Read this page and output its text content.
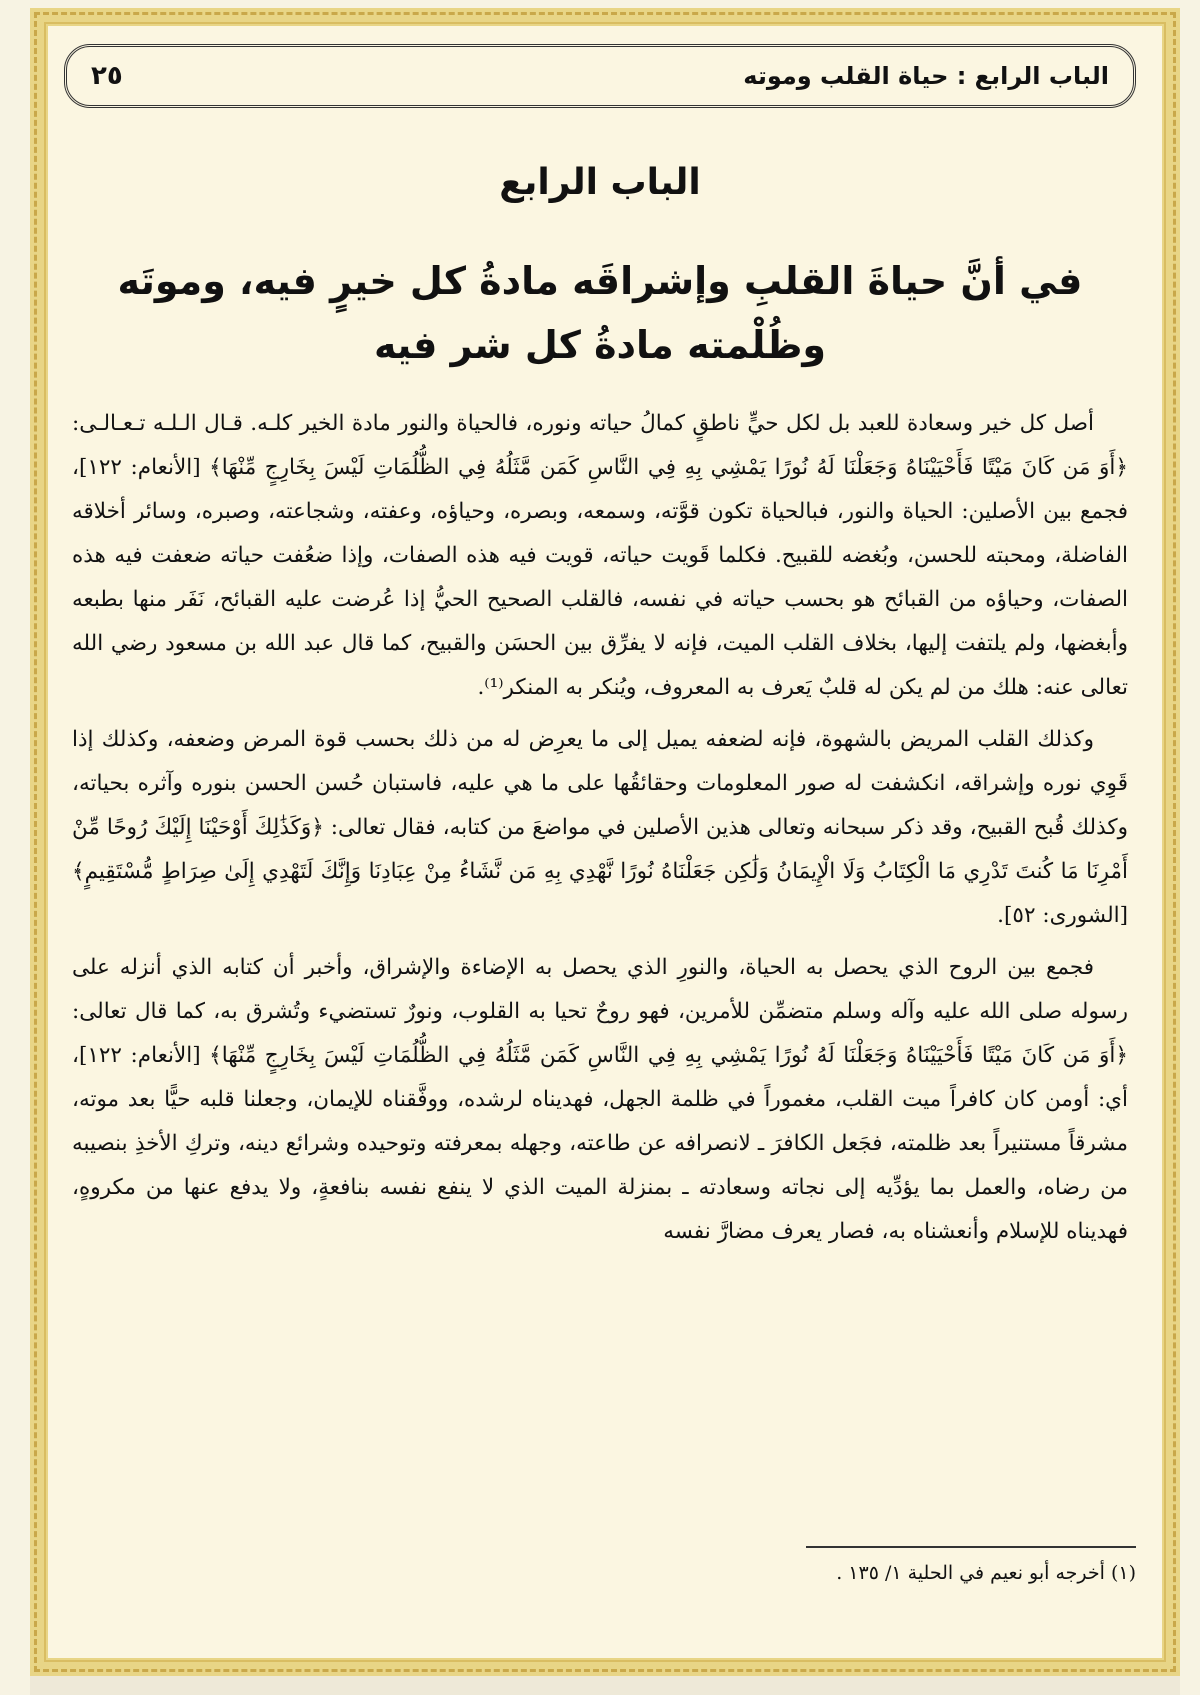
الباب الرابع : حياة القلب وموته
٢٥
الباب الرابع
في أنَّ حياةَ القلبِ وإشراقَه مادةُ كل خيرٍ فيه، وموتَه
وظُلْمته مادةُ كل شر فيه

أصل كل خير وسعادة للعبد بل لكل حيٍّ ناطقٍ كمالُ حياته ونوره، فالحياة والنور مادة الخير كلـه. قـال الـلـه تـعـالـى: ﴿أَوَ مَن كَانَ مَيْتًا فَأَحْيَيْنَاهُ وَجَعَلْنَا لَهُ نُورًا يَمْشِي بِهِ فِي النَّاسِ كَمَن مَّثَلُهُ فِي الظُّلُمَاتِ لَيْسَ بِخَارِجٍ مِّنْهَا﴾ [الأنعام: ١٢٢]، فجمع بين الأصلين: الحياة والنور، فبالحياة تكون قوَّته، وسمعه، وبصره، وحياؤه، وعفته، وشجاعته، وصبره، وسائر أخلاقه الفاضلة، ومحبته للحسن، وبُغضه للقبيح. فكلما قَويت حياته، قويت فيه هذه الصفات، وإذا ضعُفت حياته ضعفت فيه هذه الصفات، وحياؤه من القبائح هو بحسب حياته في نفسه، فالقلب الصحيح الحيُّ إذا عُرضت عليه القبائح، نَفَر منها بطبعه وأبغضها، ولم يلتفت إليها، بخلاف القلب الميت، فإنه لا يفرِّق بين الحسَن والقبيح، كما قال عبد الله بن مسعود رضي الله تعالى عنه: هلك من لم يكن له قلبٌ يَعرف به المعروف، ويُنكر به المنكر⁽¹⁾.

وكذلك القلب المريض بالشهوة، فإنه لضعفه يميل إلى ما يعرِض له من ذلك بحسب قوة المرض وضعفه، وكذلك إذا قَوِي نوره وإشراقه، انكشفت له صور المعلومات وحقائقُها على ما هي عليه، فاستبان حُسن الحسن بنوره وآثره بحياته، وكذلك قُبح القبيح، وقد ذكر سبحانه وتعالى هذين الأصلين في مواضعَ من كتابه، فقال تعالى: ﴿وَكَذَٰلِكَ أَوْحَيْنَا إِلَيْكَ رُوحًا مِّنْ أَمْرِنَا مَا كُنتَ تَدْرِي مَا الْكِتَابُ وَلَا الْإِيمَانُ وَلَٰكِن جَعَلْنَاهُ نُورًا نَّهْدِي بِهِ مَن نَّشَاءُ مِنْ عِبَادِنَا وَإِنَّكَ لَتَهْدِي إِلَىٰ صِرَاطٍ مُّسْتَقِيمٍ﴾ [الشورى: ٥٢].

فجمع بين الروح الذي يحصل به الحياة، والنورِ الذي يحصل به الإضاءة والإشراق، وأخبر أن كتابه الذي أنزله على رسوله صلى الله عليه وآله وسلم متضمِّن للأمرين، فهو روحٌ تحيا به القلوب، ونورٌ تستضيء وتُشرق به، كما قال تعالى: ﴿أَوَ مَن كَانَ مَيْتًا فَأَحْيَيْنَاهُ وَجَعَلْنَا لَهُ نُورًا يَمْشِي بِهِ فِي النَّاسِ كَمَن مَّثَلُهُ فِي الظُّلُمَاتِ لَيْسَ بِخَارِجٍ مِّنْهَا﴾ [الأنعام: ١٢٢]، أي: أومن كان كافراً ميت القلب، مغموراً في ظلمة الجهل، فهديناه لرشده، ووفَّقناه للإيمان، وجعلنا قلبه حيًّا بعد موته، مشرقاً مستنيراً بعد ظلمته، فجَعل الكافرَ ـ لانصرافه عن طاعته، وجهله بمعرفته وتوحيده وشرائع دينه، وتركِ الأخذِ بنصيبه من رضاه، والعمل بما يؤدِّيه إلى نجاته وسعادته ـ بمنزلة الميت الذي لا ينفع نفسه بنافعةٍ، ولا يدفع عنها من مكروهٍ، فهديناه للإسلام وأنعشناه به، فصار يعرف مضارَّ نفسه

(١) أخرجه أبو نعيم في الحلية ١/ ١٣٥ .
